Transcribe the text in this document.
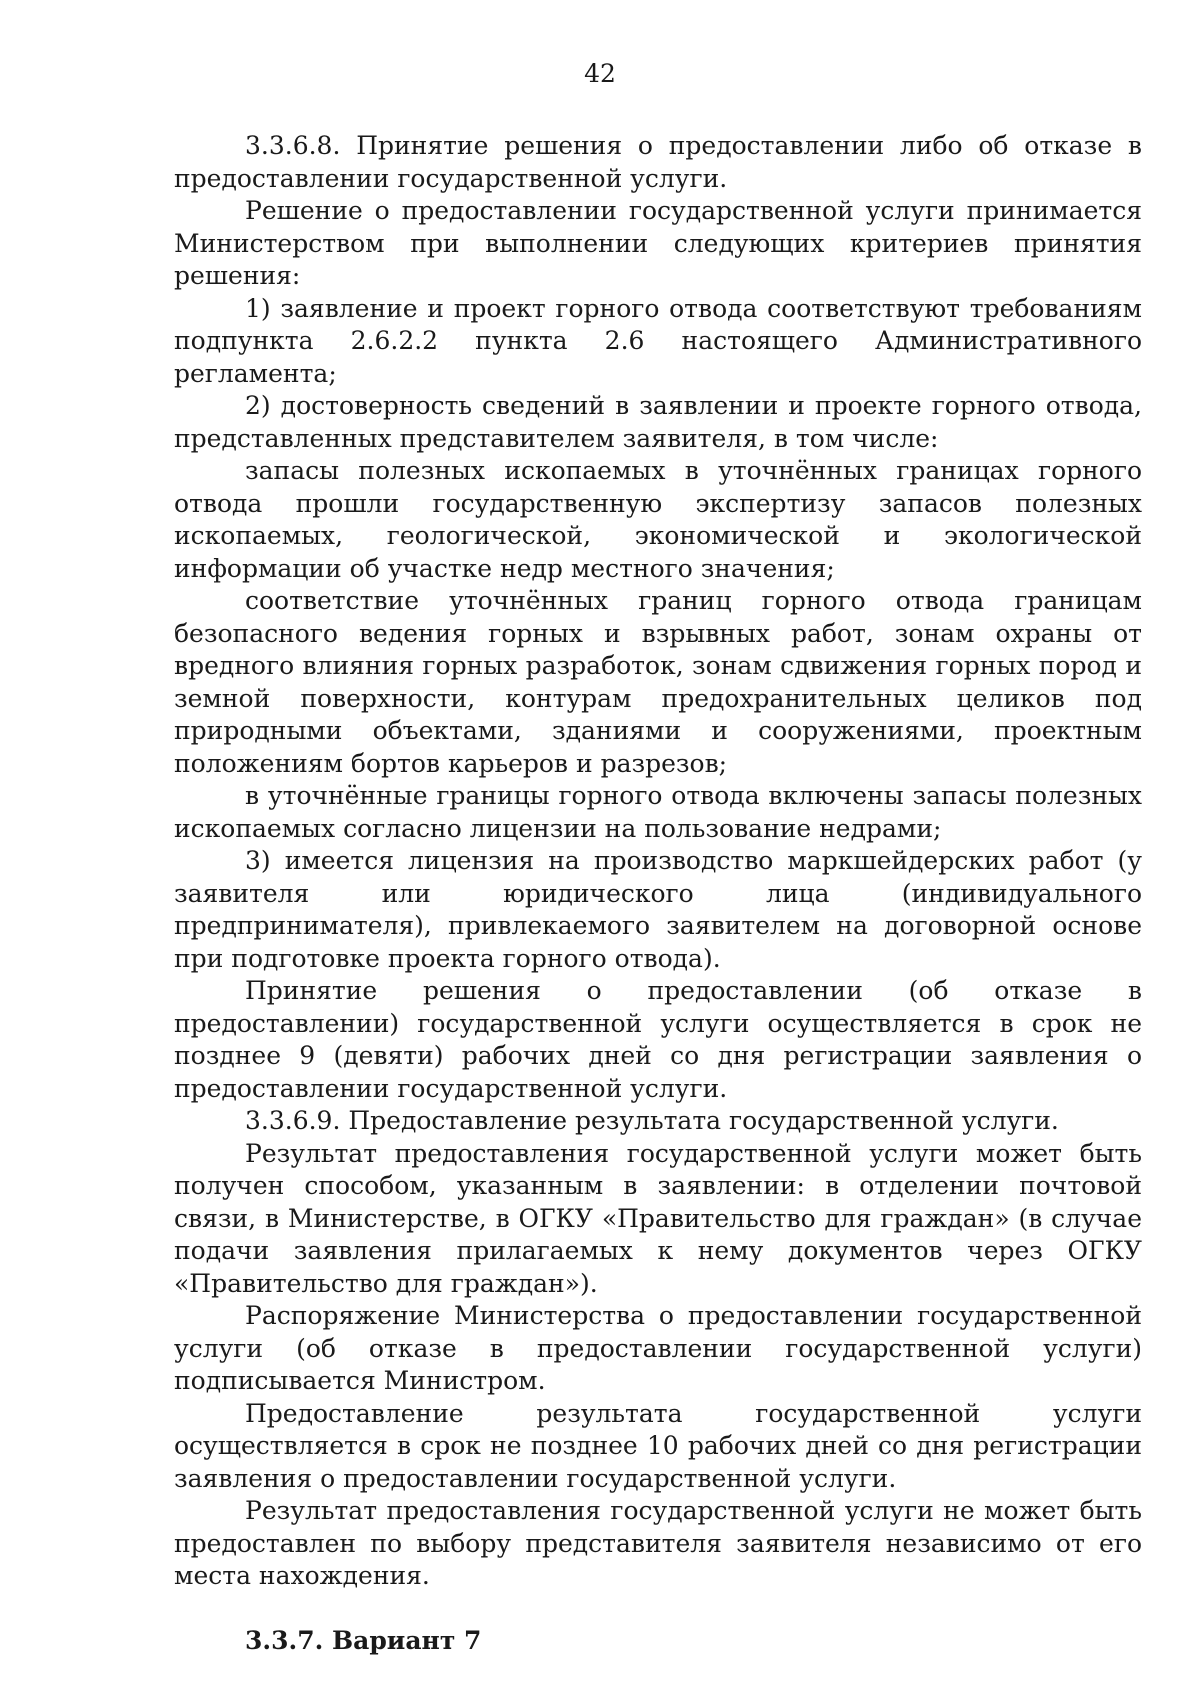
42

3.3.6.8. Принятие решения о предоставлении либо об отказе в предоставлении государственной услуги.

Решение о предоставлении государственной услуги принимается Министерством при выполнении следующих критериев принятия решения:

1) заявление и проект горного отвода соответствуют требованиям подпункта 2.6.2.2 пункта 2.6 настоящего Административного регламента;

2) достоверность сведений в заявлении и проекте горного отвода, представленных представителем заявителя, в том числе:

запасы полезных ископаемых в уточнённых границах горного отвода прошли государственную экспертизу запасов полезных ископаемых, геологической, экономической и экологической информации об участке недр местного значения;

соответствие уточнённых границ горного отвода границам безопасного ведения горных и взрывных работ, зонам охраны от вредного влияния горных разработок, зонам сдвижения горных пород и земной поверхности, контурам предохранительных целиков под природными объектами, зданиями и сооружениями, проектным положениям бортов карьеров и разрезов;

в уточнённые границы горного отвода включены запасы полезных ископаемых согласно лицензии на пользование недрами;

3) имеется лицензия на производство маркшейдерских работ (у заявителя или юридического лица (индивидуального предпринимателя), привлекаемого заявителем на договорной основе при подготовке проекта горного отвода).

Принятие решения о предоставлении (об отказе в предоставлении) государственной услуги осуществляется в срок не позднее 9 (девяти) рабочих дней со дня регистрации заявления о предоставлении государственной услуги.

3.3.6.9. Предоставление результата государственной услуги.

Результат предоставления государственной услуги может быть получен способом, указанным в заявлении: в отделении почтовой связи, в Министерстве, в ОГКУ «Правительство для граждан» (в случае подачи заявления прилагаемых к нему документов через ОГКУ «Правительство для граждан»).

Распоряжение Министерства о предоставлении государственной услуги (об отказе в предоставлении государственной услуги) подписывается Министром.

Предоставление результата государственной услуги осуществляется в срок не позднее 10 рабочих дней со дня регистрации заявления о предоставлении государственной услуги.

Результат предоставления государственной услуги не может быть предоставлен по выбору представителя заявителя независимо от его места нахождения.

3.3.7. Вариант 7
